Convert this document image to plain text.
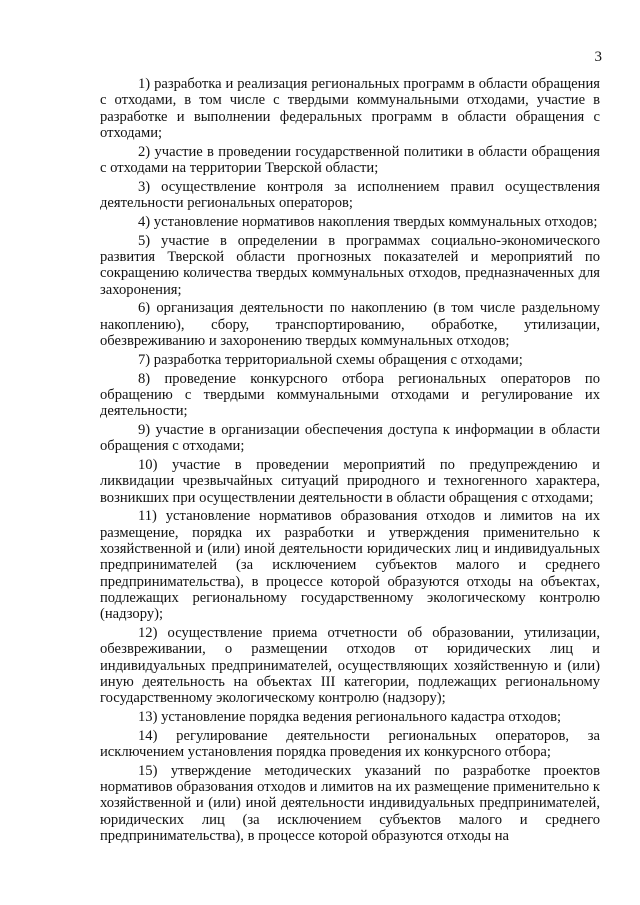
3

1) разработка и реализация региональных программ в области обращения с отходами, в том числе с твердыми коммунальными отходами, участие в разработке и выполнении федеральных программ в области обращения с отходами;

2) участие в проведении государственной политики в области обращения с отходами на территории Тверской области;

3) осуществление контроля за исполнением правил осуществления деятельности региональных операторов;

4) установление нормативов накопления твердых коммунальных отходов;

5) участие в определении в программах социально-экономического развития Тверской области прогнозных показателей и мероприятий по сокращению количества твердых коммунальных отходов, предназначенных для захоронения;

6) организация деятельности по накоплению (в том числе раздельному накоплению), сбору, транспортированию, обработке, утилизации, обезвреживанию и захоронению твердых коммунальных отходов;

7) разработка территориальной схемы обращения с отходами;

8) проведение конкурсного отбора региональных операторов по обращению с твердыми коммунальными отходами и регулирование их деятельности;

9) участие в организации обеспечения доступа к информации в области обращения с отходами;

10) участие в проведении мероприятий по предупреждению и ликвидации чрезвычайных ситуаций природного и техногенного характера, возникших при осуществлении деятельности в области обращения с отходами;

11) установление нормативов образования отходов и лимитов на их размещение, порядка их разработки и утверждения применительно к хозяйственной и (или) иной деятельности юридических лиц и индивидуальных предпринимателей (за исключением субъектов малого и среднего предпринимательства), в процессе которой образуются отходы на объектах, подлежащих региональному государственному экологическому контролю (надзору);

12) осуществление приема отчетности об образовании, утилизации, обезвреживании, о размещении отходов от юридических лиц и индивидуальных предпринимателей, осуществляющих хозяйственную и (или) иную деятельность на объектах III категории, подлежащих региональному государственному экологическому контролю (надзору);

13) установление порядка ведения регионального кадастра отходов;

14) регулирование деятельности региональных операторов, за исключением установления порядка проведения их конкурсного отбора;

15) утверждение методических указаний по разработке проектов нормативов образования отходов и лимитов на их размещение применительно к хозяйственной и (или) иной деятельности индивидуальных предпринимателей, юридических лиц (за исключением субъектов малого и среднего предпринимательства), в процессе которой образуются отходы на
